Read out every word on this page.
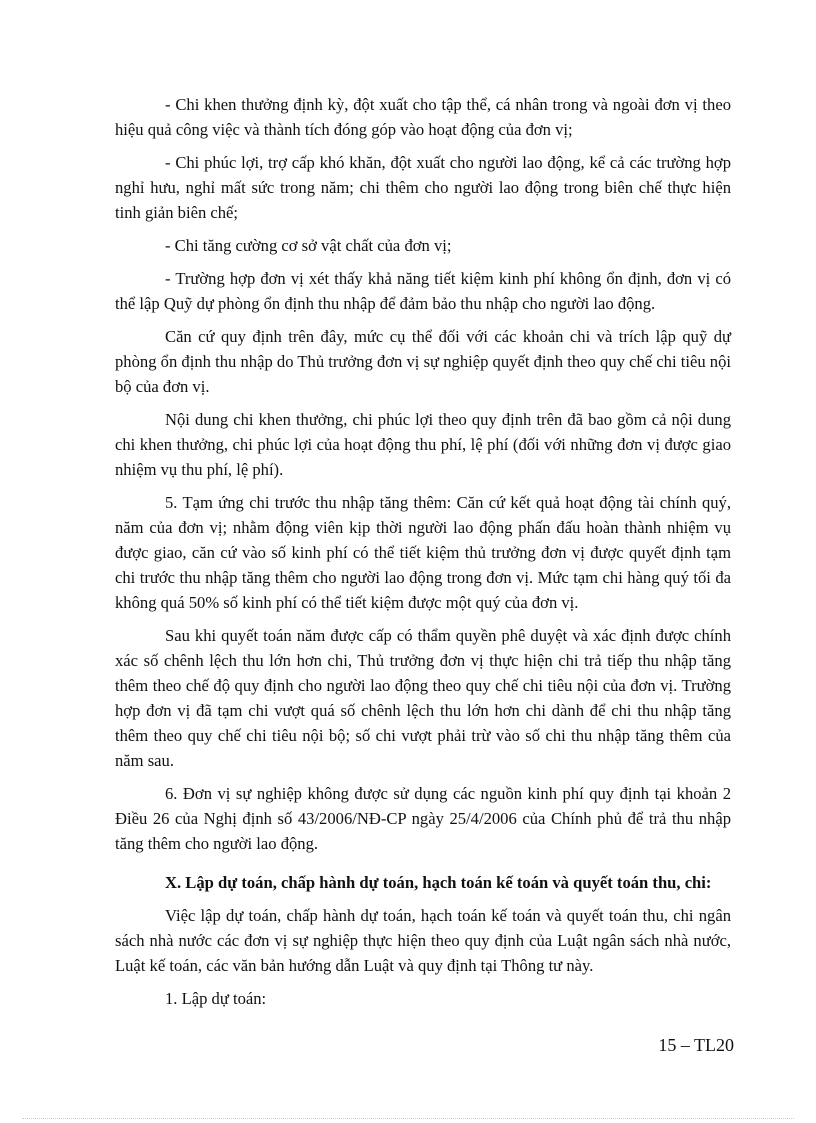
- Chi khen thưởng định kỳ, đột xuất cho tập thể, cá nhân trong và ngoài đơn vị theo hiệu quả công việc và thành tích đóng góp vào hoạt động của đơn vị;

- Chi phúc lợi, trợ cấp khó khăn, đột xuất cho người lao động, kể cả các trường hợp nghỉ hưu, nghỉ mất sức trong năm; chi thêm cho người lao động trong biên chế thực hiện tinh giản biên chế;

- Chi tăng cường cơ sở vật chất của đơn vị;

- Trường hợp đơn vị xét thấy khả năng tiết kiệm kinh phí không ổn định, đơn vị có thể lập Quỹ dự phòng ổn định thu nhập để đảm bảo thu nhập cho người lao động.

Căn cứ quy định trên đây, mức cụ thể đối với các khoản chi và trích lập quỹ dự phòng ổn định thu nhập do Thủ trưởng đơn vị sự nghiệp quyết định theo quy chế chi tiêu nội bộ của đơn vị.

Nội dung chi khen thưởng, chi phúc lợi theo quy định trên đã bao gồm cả nội dung chi khen thưởng, chi phúc lợi của hoạt động thu phí, lệ phí (đối với những đơn vị được giao nhiệm vụ thu phí, lệ phí).

5. Tạm ứng chi trước thu nhập tăng thêm: Căn cứ kết quả hoạt động tài chính quý, năm của đơn vị; nhằm động viên kịp thời người lao động phấn đấu hoàn thành nhiệm vụ được giao, căn cứ vào số kinh phí có thể tiết kiệm thủ trưởng đơn vị được quyết định tạm chi trước thu nhập tăng thêm cho người lao động trong đơn vị. Mức tạm chi hàng quý tối đa không quá 50% số kinh phí có thể tiết kiệm được một quý của đơn vị.

Sau khi quyết toán năm được cấp có thẩm quyền phê duyệt và xác định được chính xác số chênh lệch thu lớn hơn chi, Thủ trưởng đơn vị thực hiện chi trả tiếp thu nhập tăng thêm theo chế độ quy định cho người lao động theo quy chế chi tiêu nội của đơn vị. Trường hợp đơn vị đã tạm chi vượt quá số chênh lệch thu lớn hơn chi dành để chi thu nhập tăng thêm theo quy chế chi tiêu nội bộ; số chi vượt phải trừ vào số chi thu nhập tăng thêm của năm sau.

6. Đơn vị sự nghiệp không được sử dụng các nguồn kinh phí quy định tại khoản 2 Điều 26 của Nghị định số 43/2006/NĐ-CP ngày 25/4/2006 của Chính phủ để trả thu nhập tăng thêm cho người lao động.

X. Lập dự toán, chấp hành dự toán, hạch toán kế toán và quyết toán thu, chi:

Việc lập dự toán, chấp hành dự toán, hạch toán kế toán và quyết toán thu, chi ngân sách nhà nước các đơn vị sự nghiệp thực hiện theo quy định của Luật ngân sách nhà nước, Luật kế toán, các văn bản hướng dẫn Luật và quy định tại Thông tư này.

1. Lập dự toán:

15 – TL20
